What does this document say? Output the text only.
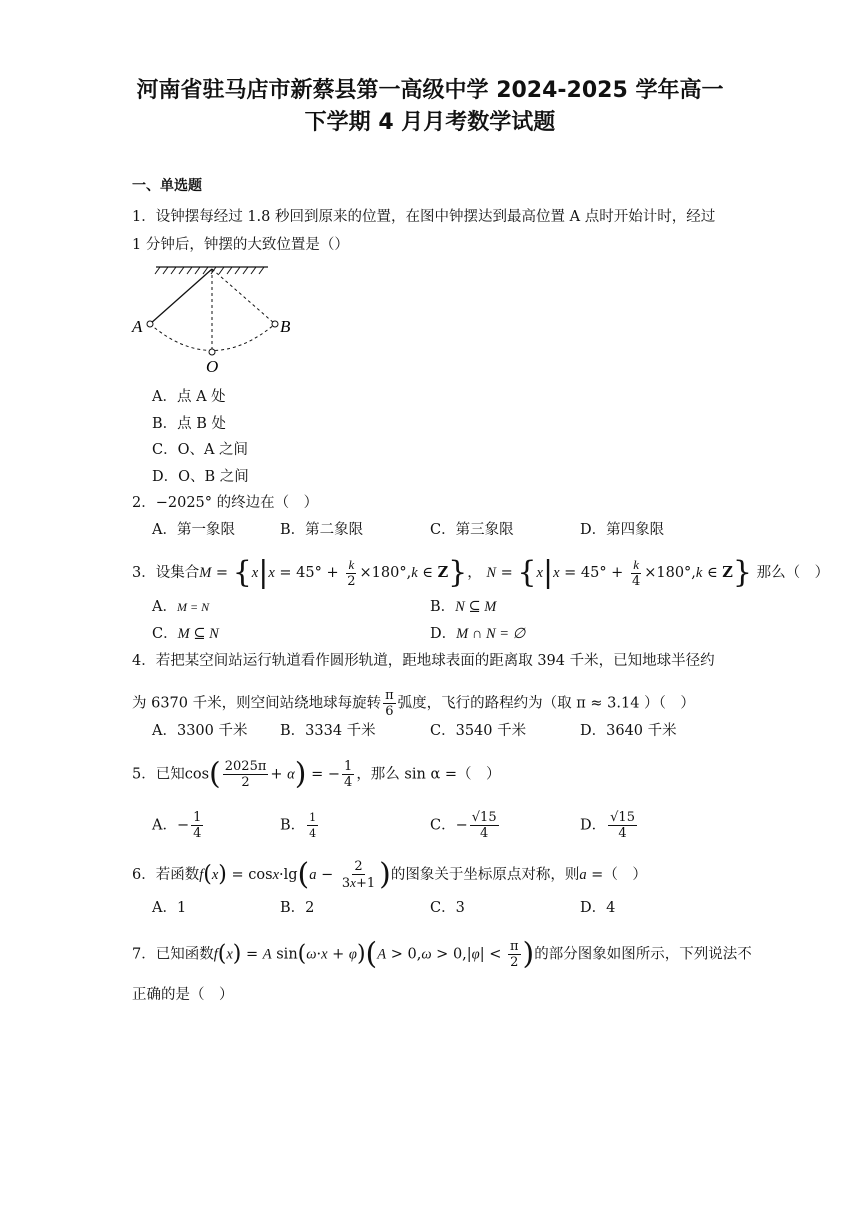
河南省驻马店市新蔡县第一高级中学 2024-2025 学年高一
下学期 4 月月考数学试题
一、单选题
1．设钟摆每经过 1.8 秒回到原来的位置，在图中钟摆达到最高位置 A 点时开始计时，经过
1 分钟后，钟摆的大致位置是（）
A	B
O
A．点 A 处
B．点 B 处
C．O、A 之间
D．O、B 之间
2．−2025° 的终边在（　）
A．第一象限	B．第二象限	C．第三象限	D．第四象限
3．设集合$M = \{x|x = 45^\circ + \frac{k}{2} \times 180^\circ,k$ ∈ Z}， $N = \{x|x = 45^\circ + \frac{k}{4} \times 180^\circ,k$ ∈ Z} 那么（　）
A．M = N	B．N ⊆ M
C．M ⊆ N	D．M ∩ N = ∅
4．若把某空间站运行轨道看作圆形轨道，距地球表面的距离取 394 千米，已知地球半径约
为 6370 千米，则空间站绕地球每旋转 $\frac{\pi}{6}$ 弧度，飞行的路程约为（取 π ≈ 3.14 ）（　）
A．3300 千米 B．3334 千米	C．3540 千米	D．3640 千米
5．已知$\cos( \frac{2025\pi}{2} + \alpha)$ = − $\frac{1}{4}$ ，那么 sin α =（　）
A．− $\frac{1}{4}$	B． $\frac{1}{4}$	C．− $\frac{√15}{4}$	D． $\frac{√15}{4}$
6．若函数$f(x) = \cos x\cdot\lg(a - \frac{2}{3x+1}$ )的图象关于坐标原点对称，则a =（　）
A．1	B．2	C．3	D．4
7．已知函数f(x) = A $\sin(\omega\cdot x + \varphi)(A > 0,\omega > 0,|\varphi| < \frac{\pi}{2}$ )的部分图象如图所示，下列说法不
正确的是（　）
